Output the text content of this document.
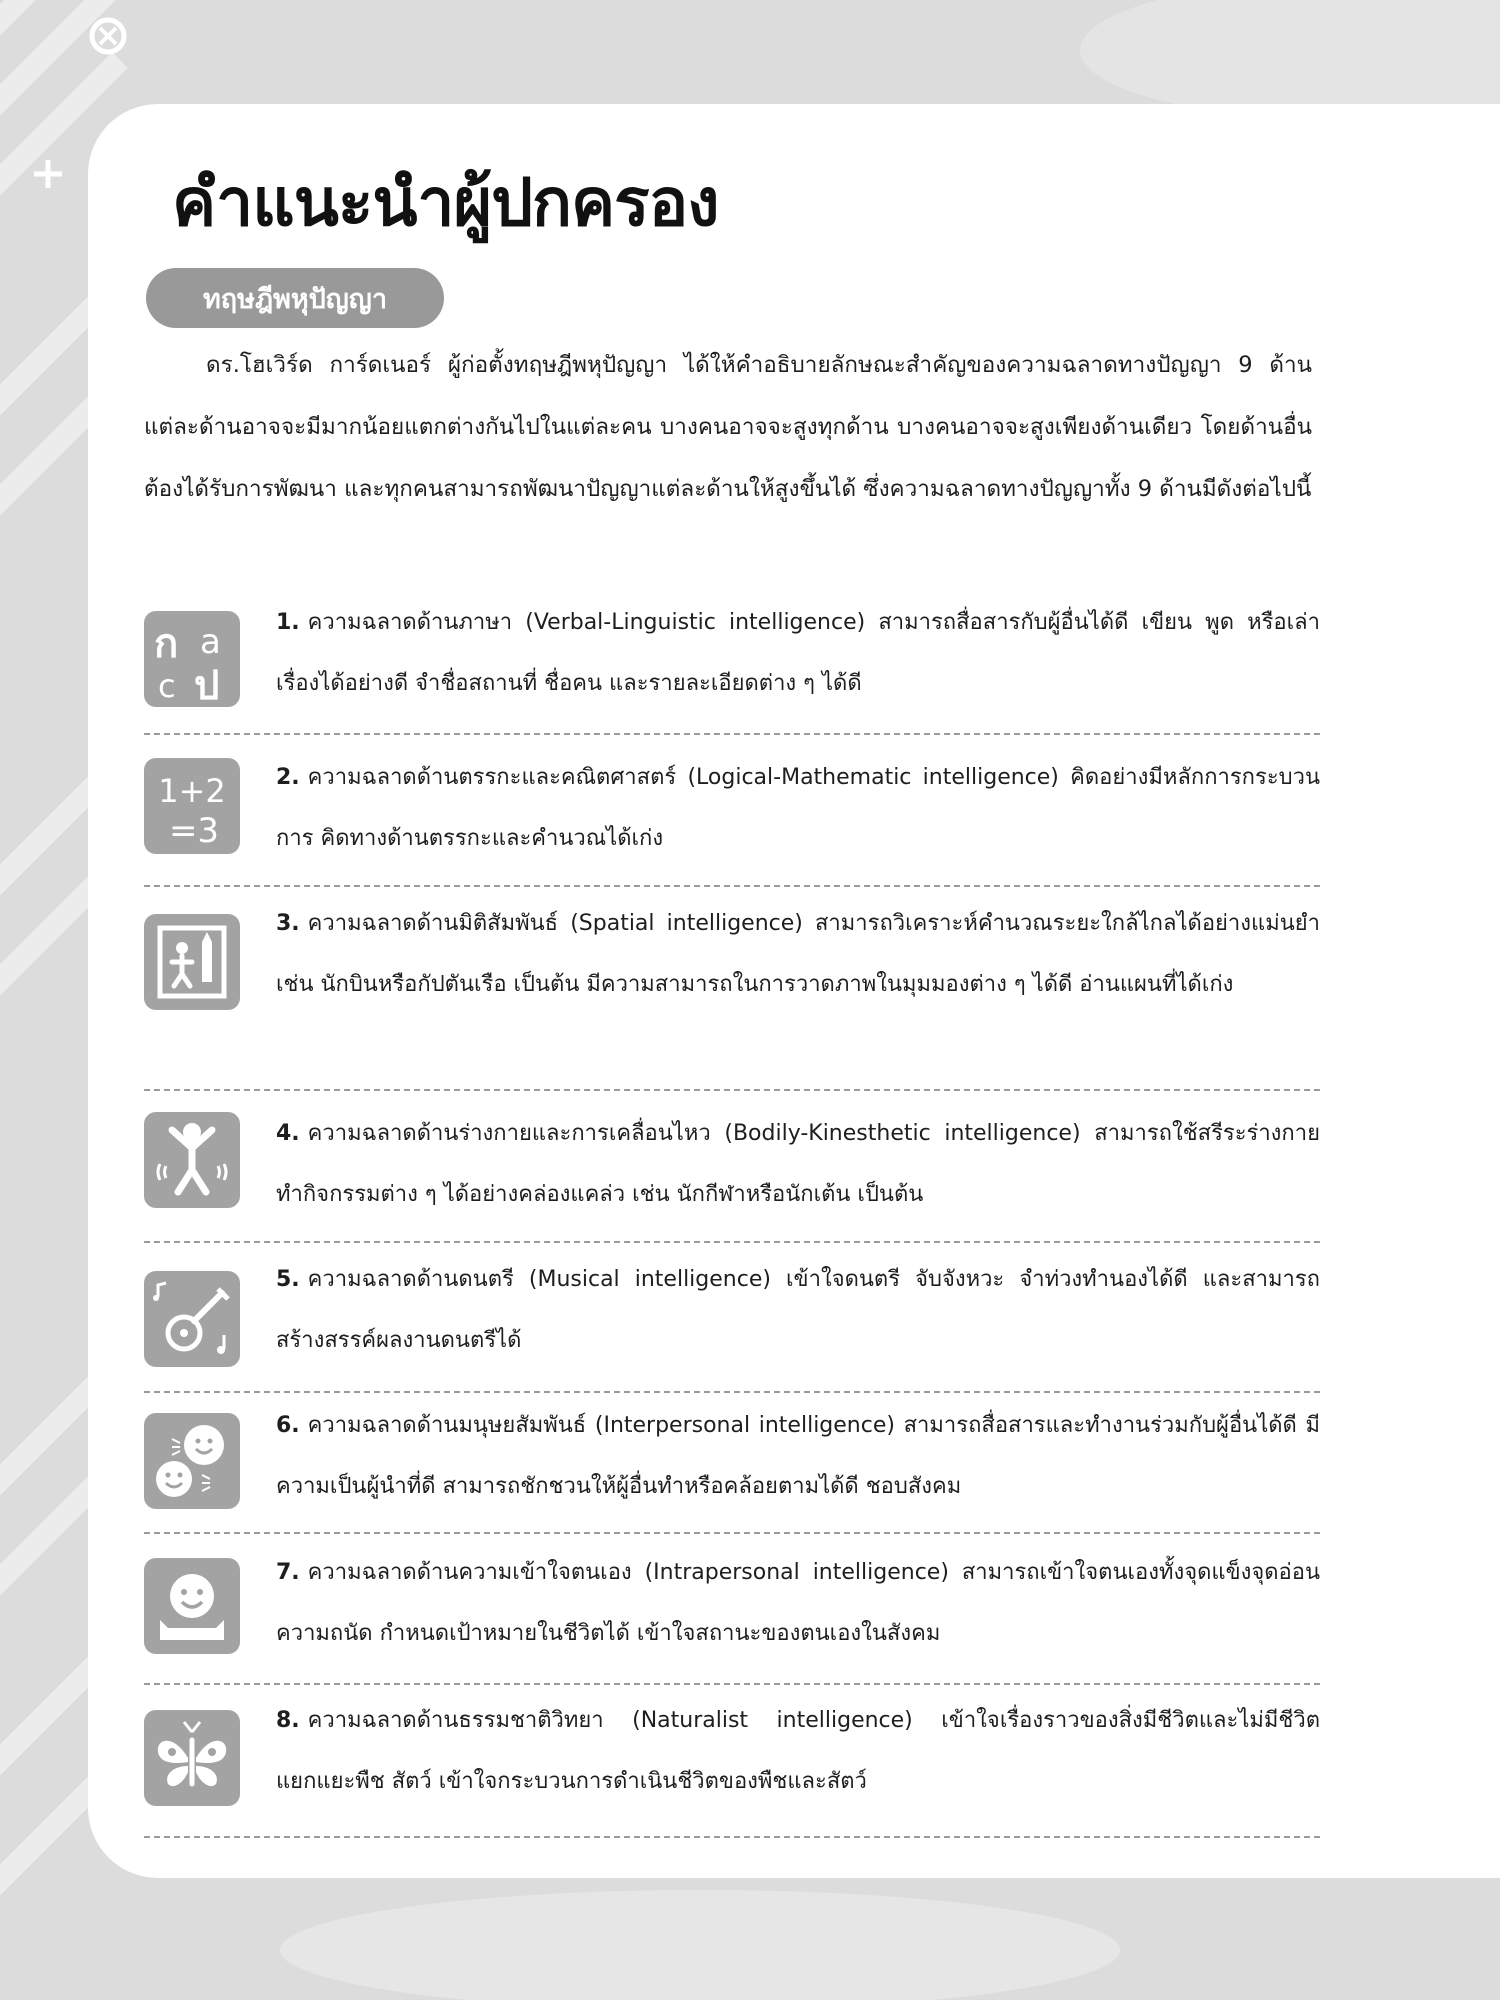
คำแนะนำผู้ปกครอง
ทฤษฎีพหุปัญญา

ดร.โฮเวิร์ด การ์ดเนอร์ ผู้ก่อตั้งทฤษฎีพหุปัญญา ได้ให้คำอธิบายลักษณะสำคัญของความฉลาดทางปัญญา 9 ด้าน แต่ละด้านอาจจะมีมากน้อยแตกต่างกันไปในแต่ละคน บางคนอาจจะสูงทุกด้าน บางคนอาจจะสูงเพียงด้านเดียว โดยด้านอื่นต้องได้รับการพัฒนา และทุกคนสามารถพัฒนาปัญญาแต่ละด้านให้สูงขึ้นได้ ซึ่งความฉลาดทางปัญญาทั้ง 9 ด้านมีดังต่อไปนี้

ก a
c ป

1. ความฉลาดด้านภาษา (Verbal-Linguistic intelligence) สามารถสื่อสารกับผู้อื่นได้ดี เขียน พูด หรือเล่าเรื่องได้อย่างดี จำชื่อสถานที่ ชื่อคน และรายละเอียดต่าง ๆ ได้ดี

1+2
=3

2. ความฉลาดด้านตรรกะและคณิตศาสตร์ (Logical-Mathematic intelligence) คิดอย่างมีหลักการกระบวนการ คิดทางด้านตรรกะและคำนวณได้เก่ง

3. ความฉลาดด้านมิติสัมพันธ์ (Spatial intelligence) สามารถวิเคราะห์คำนวณระยะใกล้ไกลได้อย่างแม่นยำ เช่น นักบินหรือกัปตันเรือ เป็นต้น มีความสามารถในการวาดภาพในมุมมองต่าง ๆ ได้ดี อ่านแผนที่ได้เก่ง

4. ความฉลาดด้านร่างกายและการเคลื่อนไหว (Bodily-Kinesthetic intelligence) สามารถใช้สรีระร่างกายทำกิจกรรมต่าง ๆ ได้อย่างคล่องแคล่ว เช่น นักกีฬาหรือนักเต้น เป็นต้น

5. ความฉลาดด้านดนตรี (Musical intelligence) เข้าใจดนตรี จับจังหวะ จำท่วงทำนองได้ดี และสามารถสร้างสรรค์ผลงานดนตรีได้

6. ความฉลาดด้านมนุษยสัมพันธ์ (Interpersonal intelligence) สามารถสื่อสารและทำงานร่วมกับผู้อื่นได้ดี มีความเป็นผู้นำที่ดี สามารถชักชวนให้ผู้อื่นทำหรือคล้อยตามได้ดี ชอบสังคม

7. ความฉลาดด้านความเข้าใจตนเอง (Intrapersonal intelligence) สามารถเข้าใจตนเองทั้งจุดแข็งจุดอ่อน ความถนัด กำหนดเป้าหมายในชีวิตได้ เข้าใจสถานะของตนเองในสังคม

8. ความฉลาดด้านธรรมชาติวิทยา (Naturalist intelligence) เข้าใจเรื่องราวของสิ่งมีชีวิตและไม่มีชีวิต แยกแยะพืช สัตว์ เข้าใจกระบวนการดำเนินชีวิตของพืชและสัตว์
